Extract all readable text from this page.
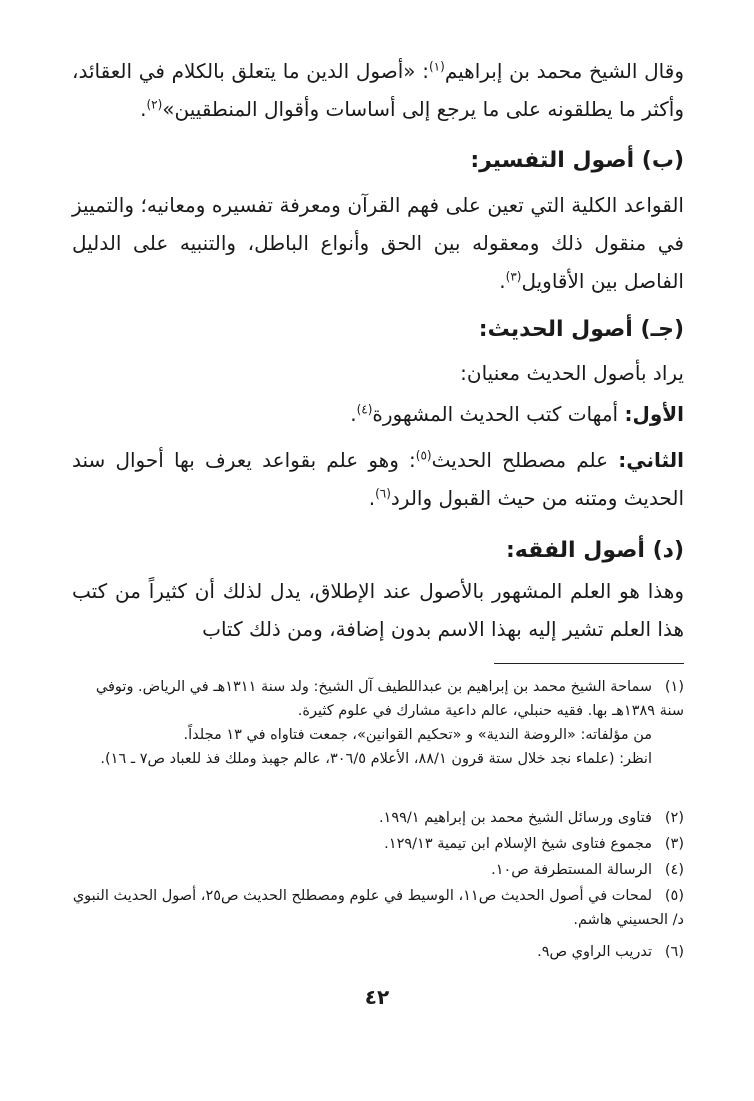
وقال الشيخ محمد بن إبراهيم$^{(١)}$: «أصول الدين ما يتعلق بالكلام في العقائد، وأكثر ما يطلقونه على ما يرجع إلى أساسات وأقوال المنطقيين»$^{(٢)}$.

(ب) أصول التفسير:

القواعد الكلية التي تعين على فهم القرآن ومعرفة تفسيره ومعانيه؛ والتمييز في منقول ذلك ومعقوله بين الحق وأنواع الباطل، والتنبيه على الدليل الفاصل بين الأقاويل$^{(٣)}$.

(جـ) أصول الحديث:

يراد بأصول الحديث معنيان:

الأول: أمهات كتب الحديث المشهورة$^{(٤)}$.

الثاني: علم مصطلح الحديث$^{(٥)}$: وهو علم بقواعد يعرف بها أحوال سند الحديث ومتنه من حيث القبول والرد$^{(٦)}$.

(د) أصول الفقه:

وهذا هو العلم المشهور بالأصول عند الإطلاق، يدل لذلك أن كثيراً من كتب هذا العلم تشير إليه بهذا الاسم بدون إضافة، ومن ذلك كتاب

(١)سماحة الشيخ محمد بن إبراهيم بن عبداللطيف آل الشيخ: ولد سنة ١٣١١هـ في الرياض. وتوفي سنة ١٣٨٩هـ بها. فقيه حنبلي، عالم داعية مشارك في علوم كثيرة.
من مؤلفاته: «الروضة الندية» و «تحكيم القوانين»، جمعت فتاواه في ١٣ مجلداً.
انظر: (علماء نجد خلال ستة قرون ٨٨/١، الأعلام ٣٠٦/٥، عالم جهبذ وملك فذ للعباد ص٧ ـ ١٦).
(٢)فتاوى ورسائل الشيخ محمد بن إبراهيم ١٩٩/١.
(٣)مجموع فتاوى شيخ الإسلام ابن تيمية ١٢٩/١٣.
(٤)الرسالة المستطرفة ص١٠.
(٥)لمحات في أصول الحديث ص١١، الوسيط في علوم ومصطلح الحديث ص٢٥، أصول الحديث النبوي د/ الحسيني هاشم.
(٦)تدريب الراوي ص٩.
٤٢
